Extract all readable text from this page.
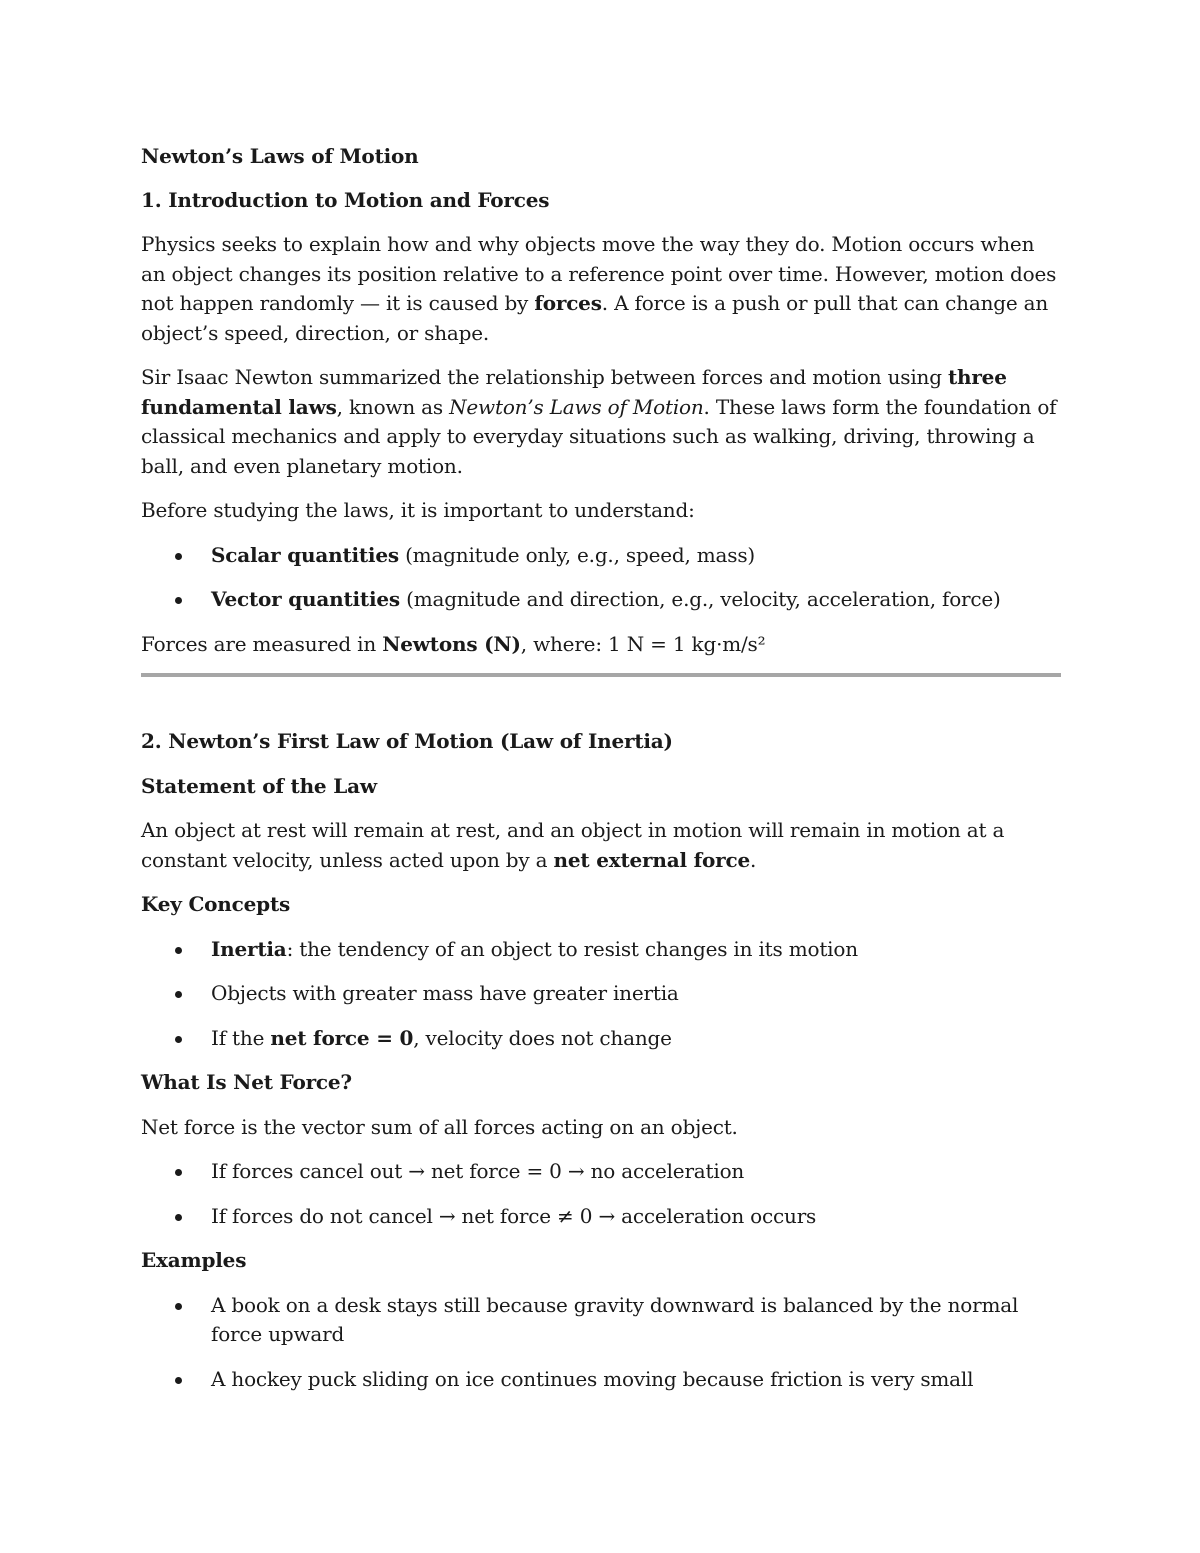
Newton’s Laws of Motion

1. Introduction to Motion and Forces

Physics seeks to explain how and why objects move the way they do. Motion occurs when an object changes its position relative to a reference point over time. However, motion does not happen randomly — it is caused by forces. A force is a push or pull that can change an object’s speed, direction, or shape.

Sir Isaac Newton summarized the relationship between forces and motion using three fundamental laws, known as Newton’s Laws of Motion. These laws form the foundation of classical mechanics and apply to everyday situations such as walking, driving, throwing a ball, and even planetary motion.

Before studying the laws, it is important to understand:

Scalar quantities (magnitude only, e.g., speed, mass)
Vector quantities (magnitude and direction, e.g., velocity, acceleration, force)

Forces are measured in Newtons (N), where: 1 N = 1 kg·m/s²

2. Newton’s First Law of Motion (Law of Inertia)

Statement of the Law

An object at rest will remain at rest, and an object in motion will remain in motion at a constant velocity, unless acted upon by a net external force.

Key Concepts

Inertia: the tendency of an object to resist changes in its motion
Objects with greater mass have greater inertia
If the net force = 0, velocity does not change

What Is Net Force?

Net force is the vector sum of all forces acting on an object.

If forces cancel out → net force = 0 → no acceleration
If forces do not cancel → net force ≠ 0 → acceleration occurs

Examples

A book on a desk stays still because gravity downward is balanced by the normal force upward
A hockey puck sliding on ice continues moving because friction is very small
